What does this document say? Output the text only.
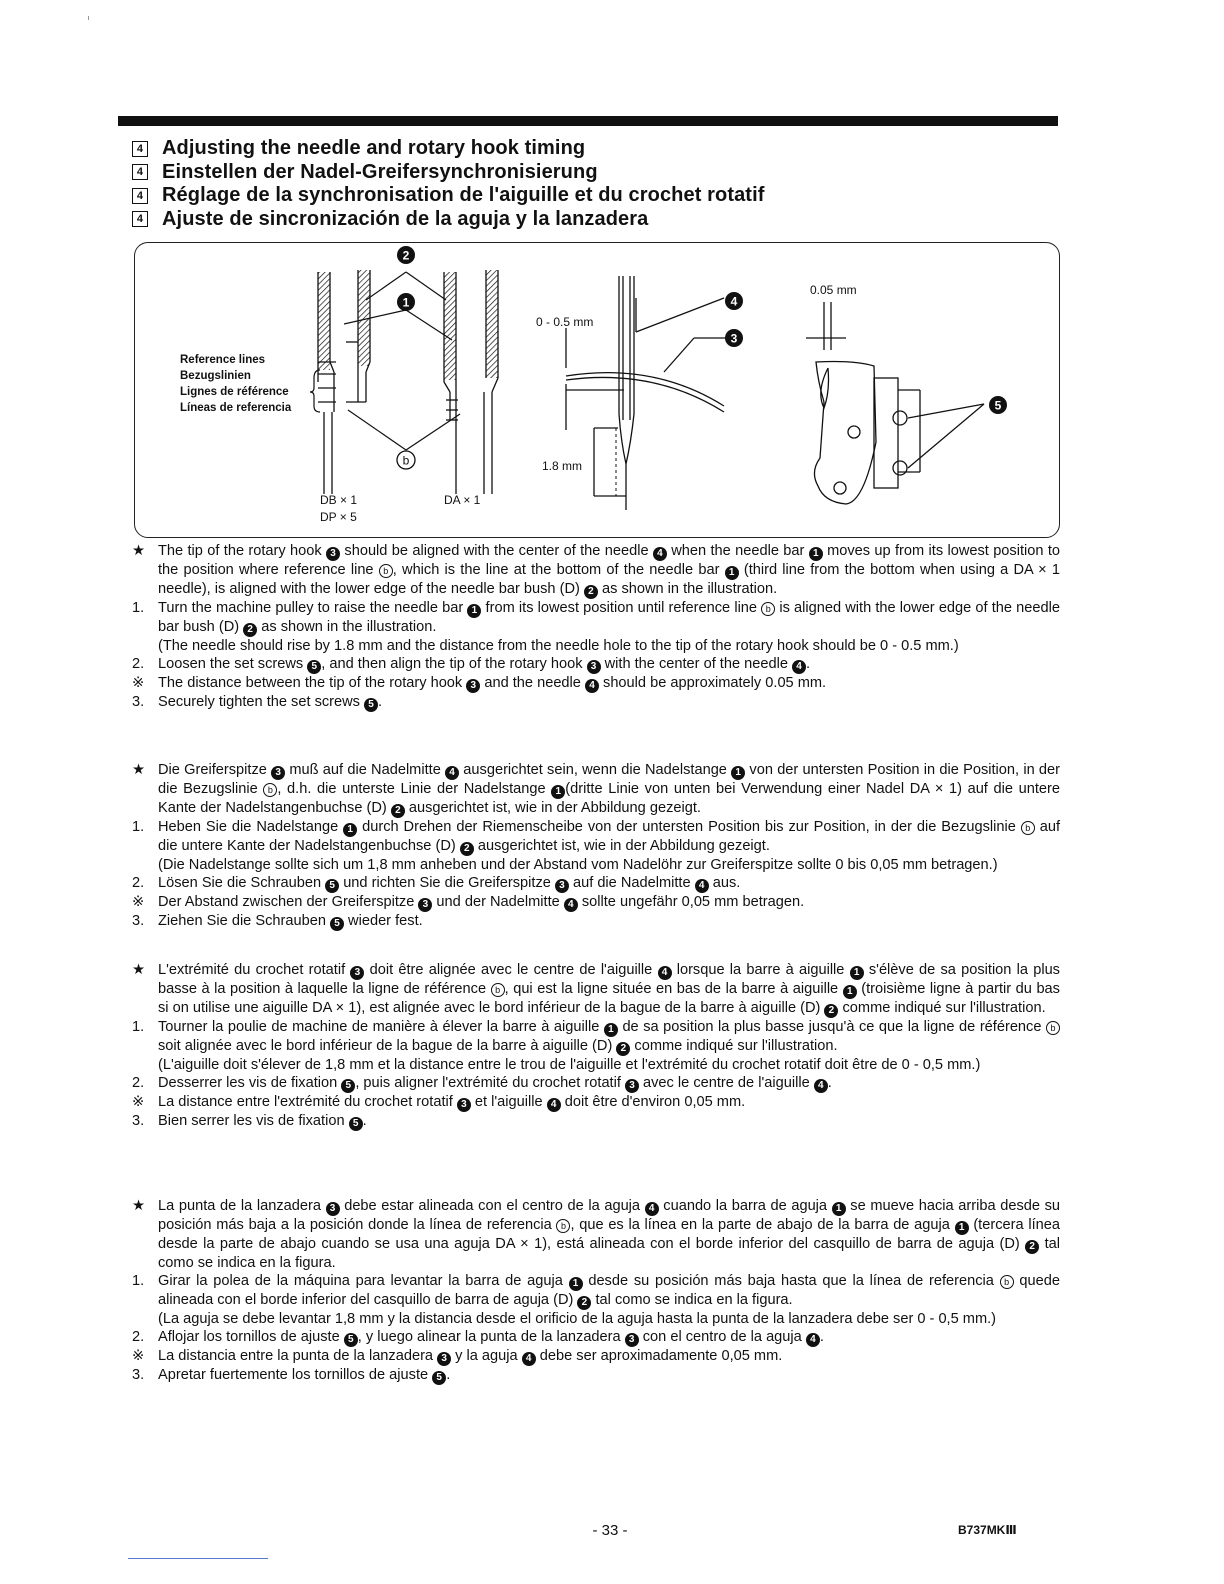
4 Adjusting the needle and rotary hook timing
4 Einstellen der Nadel-Greifersynchronisierung
4 Réglage de la synchronisation de l'aiguille et du crochet rotatif
4 Ajuste de sincronización de la aguja y la lanzadera
Reference lines
Bezugslinien
Lignes de référence
Líneas de referencia
2
1
b
DB × 1
DP × 5
DA × 1
0 - 0.5 mm
1.8 mm
4
3
0.05 mm
5
★ The tip of the rotary hook 3 should be aligned with the center of the needle 4 when the needle bar 1 moves up from its lowest position to the position where reference line b , which is the line at the bottom of the needle bar 1 (third line from the bottom when using a DA × 1 needle), is aligned with the lower edge of the needle bar bush (D) 2 as shown in the illustration.
1. Turn the machine pulley to raise the needle bar 1 from its lowest position until reference line b is aligned with the lower edge of the needle bar bush (D) 2 as shown in the illustration.
(The needle should rise by 1.8 mm and the distance from the needle hole to the tip of the rotary hook should be 0 - 0.5 mm.)
2. Loosen the set screws 5 , and then align the tip of the rotary hook 3 with the center of the needle 4 .
※ The distance between the tip of the rotary hook 3 and the needle 4 should be approximately 0.05 mm.
3. Securely tighten the set screws 5 .
★ Die Greiferspitze 3 muß auf die Nadelmitte 4 ausgerichtet sein, wenn die Nadelstange 1 von der untersten Position in die Position, in der die Bezugslinie b , d.h. die unterste Linie der Nadelstange 1 (dritte Linie von unten bei Verwendung einer Nadel DA × 1) auf die untere Kante der Nadelstangenbuchse (D) 2 ausgerichtet ist, wie in der Abbildung gezeigt.
1. Heben Sie die Nadelstange 1 durch Drehen der Riemenscheibe von der untersten Position bis zur Position, in der die Bezugslinie b auf die untere Kante der Nadelstangenbuchse (D) 2 ausgerichtet ist, wie in der Abbildung gezeigt.
(Die Nadelstange sollte sich um 1,8 mm anheben und der Abstand vom Nadelöhr zur Greiferspitze sollte 0 bis 0,05 mm betragen.)
2. Lösen Sie die Schrauben 5 und richten Sie die Greiferspitze 3 auf die Nadelmitte 4 aus.
※ Der Abstand zwischen der Greiferspitze 3 und der Nadelmitte 4 sollte ungefähr 0,05 mm betragen.
3. Ziehen Sie die Schrauben 5 wieder fest.
★ L'extrémité du crochet rotatif 3 doit être alignée avec le centre de l'aiguille 4 lorsque la barre à aiguille 1 s'élève de sa position la plus basse à la position à laquelle la ligne de référence b , qui est la ligne située en bas de la barre à aiguille 1 (troisième ligne à partir du bas si on utilise une aiguille DA × 1), est alignée avec le bord inférieur de la bague de la barre à aiguille (D) 2 comme indiqué sur l'illustration.
1. Tourner la poulie de machine de manière à élever la barre à aiguille 1 de sa position la plus basse jusqu'à ce que la ligne de référence b soit alignée avec le bord inférieur de la bague de la barre à aiguille (D) 2 comme indiqué sur l'illustration.
(L'aiguille doit s'élever de 1,8 mm et la distance entre le trou de l'aiguille et l'extrémité du crochet rotatif doit être de 0 - 0,5 mm.)
2. Desserrer les vis de fixation 5 , puis aligner l'extrémité du crochet rotatif 3 avec le centre de l'aiguille 4 .
※ La distance entre l'extrémité du crochet rotatif 3 et l'aiguille 4 doit être d'environ 0,05 mm.
3. Bien serrer les vis de fixation 5 .
★ La punta de la lanzadera 3 debe estar alineada con el centro de la aguja 4 cuando la barra de aguja 1 se mueve hacia arriba desde su posición más baja a la posición donde la línea de referencia b , que es la línea en la parte de abajo de la barra de aguja 1 (tercera línea desde la parte de abajo cuando se usa una aguja DA × 1), está alineada con el borde inferior del casquillo de barra de aguja (D) 2 tal como se indica en la figura.
1. Girar la polea de la máquina para levantar la barra de aguja 1 desde su posición más baja hasta que la línea de referencia b quede alineada con el borde inferior del casquillo de barra de aguja (D) 2 tal como se indica en la figura.
(La aguja se debe levantar 1,8 mm y la distancia desde el orificio de la aguja hasta la punta de la lanzadera debe ser 0 - 0,5 mm.)
2. Aflojar los tornillos de ajuste 5 , y luego alinear la punta de la lanzadera 3 con el centro de la aguja 4 .
※ La distancia entre la punta de la lanzadera 3 y la aguja 4 debe ser aproximadamente 0,05 mm.
3. Apretar fuertemente los tornillos de ajuste 5 .
- 33 -	B737MKⅢ
